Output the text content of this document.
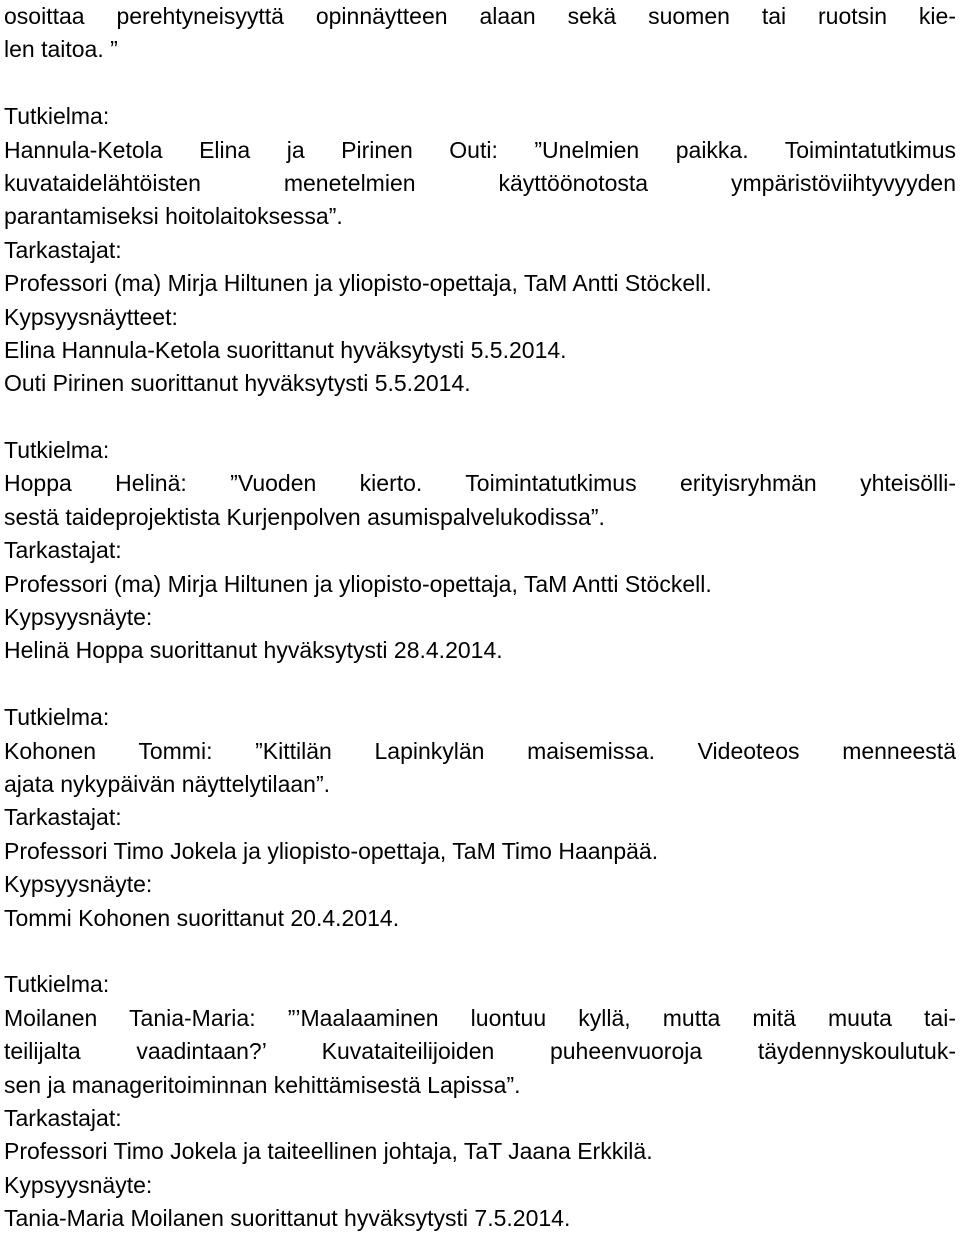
osoittaa perehtyneisyyttä opinnäytteen alaan sekä suomen tai ruotsin kie-
len taitoa. ”
Tutkielma:
Hannula-Ketola Elina ja Pirinen Outi: ”Unelmien paikka. Toimintatutkimus
kuvataidelähtöisten menetelmien käyttöönotosta ympäristöviihtyvyyden
parantamiseksi hoitolaitoksessa”.
Tarkastajat:
Professori (ma) Mirja Hiltunen ja yliopisto-opettaja, TaM Antti Stöckell.
Kypsyysnäytteet:
Elina Hannula-Ketola suorittanut hyväksytysti 5.5.2014.
Outi Pirinen suorittanut hyväksytysti 5.5.2014.
Tutkielma:
Hoppa Helinä: ”Vuoden kierto. Toimintatutkimus erityisryhmän yhteisölli-
sestä taideprojektista Kurjenpolven asumispalvelukodissa”.
Tarkastajat:
Professori (ma) Mirja Hiltunen ja yliopisto-opettaja, TaM Antti Stöckell.
Kypsyysnäyte:
Helinä Hoppa suorittanut hyväksytysti 28.4.2014.
Tutkielma:
Kohonen Tommi: ”Kittilän Lapinkylän maisemissa. Videoteos menneestä
ajata nykypäivän näyttelytilaan”.
Tarkastajat:
Professori Timo Jokela ja yliopisto-opettaja, TaM Timo Haanpää.
Kypsyysnäyte:
Tommi Kohonen suorittanut 20.4.2014.
Tutkielma:
Moilanen Tania-Maria: ”’Maalaaminen luontuu kyllä, mutta mitä muuta tai-
teilijalta vaadintaan?’ Kuvataiteilijoiden puheenvuoroja täydennyskoulutuk-
sen ja manageritoiminnan kehittämisestä Lapissa”.
Tarkastajat:
Professori Timo Jokela ja taiteellinen johtaja, TaT Jaana Erkkilä.
Kypsyysnäyte:
Tania-Maria Moilanen suorittanut hyväksytysti 7.5.2014.
